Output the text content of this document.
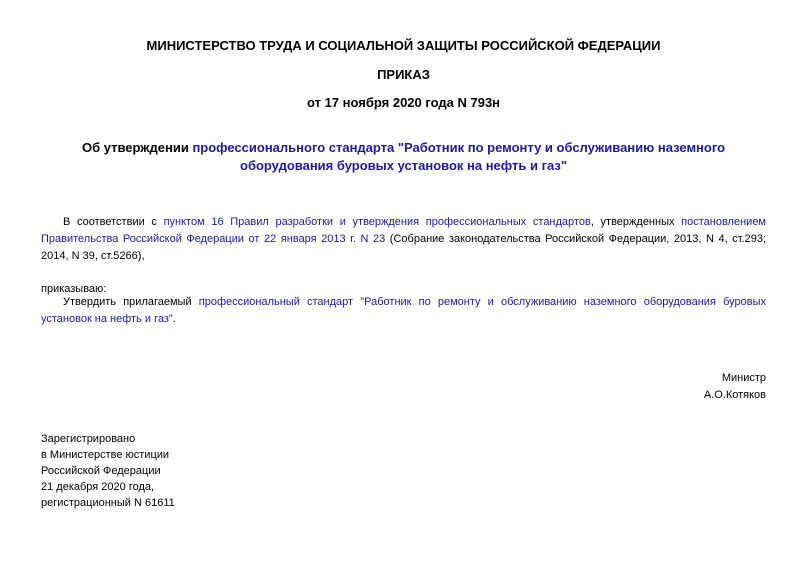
МИНИСТЕРСТВО ТРУДА И СОЦИАЛЬНОЙ ЗАЩИТЫ РОССИЙСКОЙ ФЕДЕРАЦИИ
ПРИКАЗ
от 17 ноября 2020 года N 793н
Об утверждении профессионального стандарта "Работник по ремонту и обслуживанию наземного оборудования буровых установок на нефть и газ"
В соответствии с пунктом 16 Правил разработки и утверждения профессиональных стандартов, утвержденных постановлением Правительства Российской Федерации от 22 января 2013 г. N 23 (Собрание законодательства Российской Федерации, 2013, N 4, ст.293; 2014, N 39, ст.5266),
приказываю:
Утвердить прилагаемый профессиональный стандарт "Работник по ремонту и обслуживанию наземного оборудования буровых установок на нефть и газ".
Министр
А.О.Котяков
Зарегистрировано
в Министерстве юстиции
Российской Федерации
21 декабря 2020 года,
регистрационный N 61611
